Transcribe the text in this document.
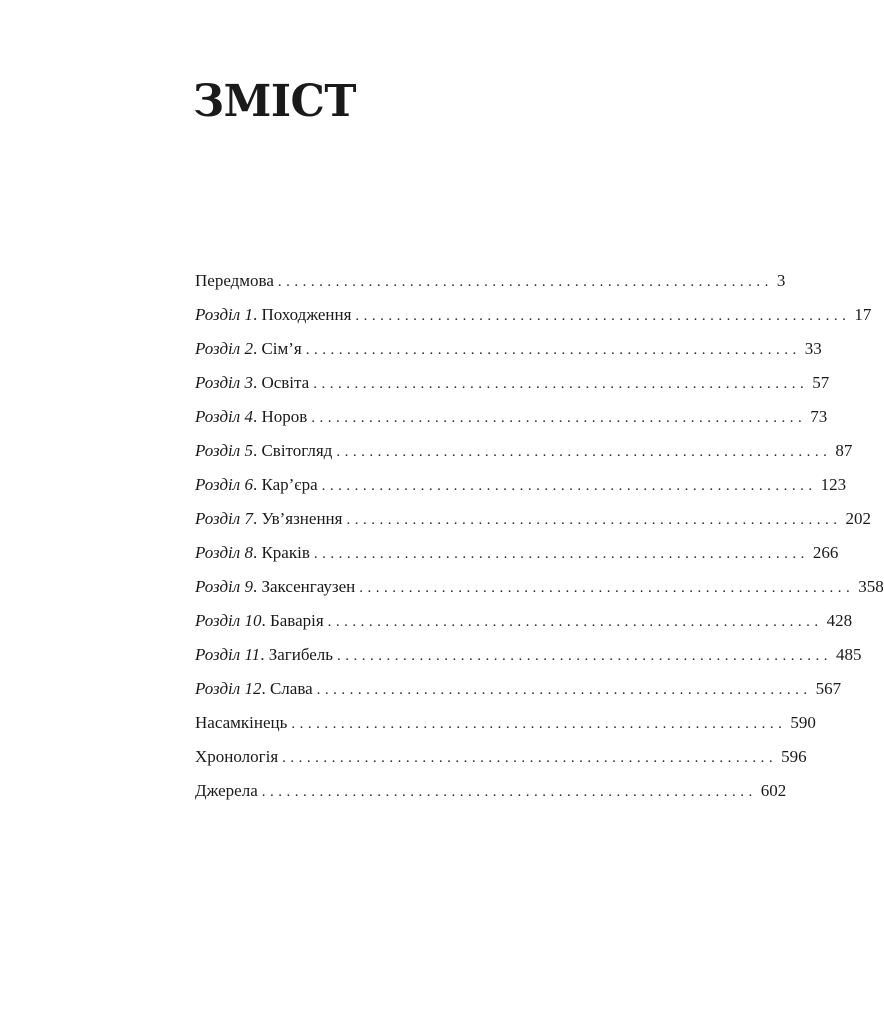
ЗМІСТ
Передмова ............................................................ 3
Розділ 1. Походження ............................................................ 17
Розділ 2. Сім’я ............................................................ 33
Розділ 3. Освіта ............................................................ 57
Розділ 4. Норов ............................................................ 73
Розділ 5. Світогляд ............................................................ 87
Розділ 6. Кар’єра ............................................................ 123
Розділ 7. Ув’язнення ............................................................ 202
Розділ 8. Краків ............................................................ 266
Розділ 9. Заксенгаузен ............................................................ 358
Розділ 10. Баварія ............................................................ 428
Розділ 11. Загибель ............................................................ 485
Розділ 12. Слава ............................................................ 567
Насамкінець ............................................................ 590
Хронологія ............................................................ 596
Джерела ............................................................ 602
